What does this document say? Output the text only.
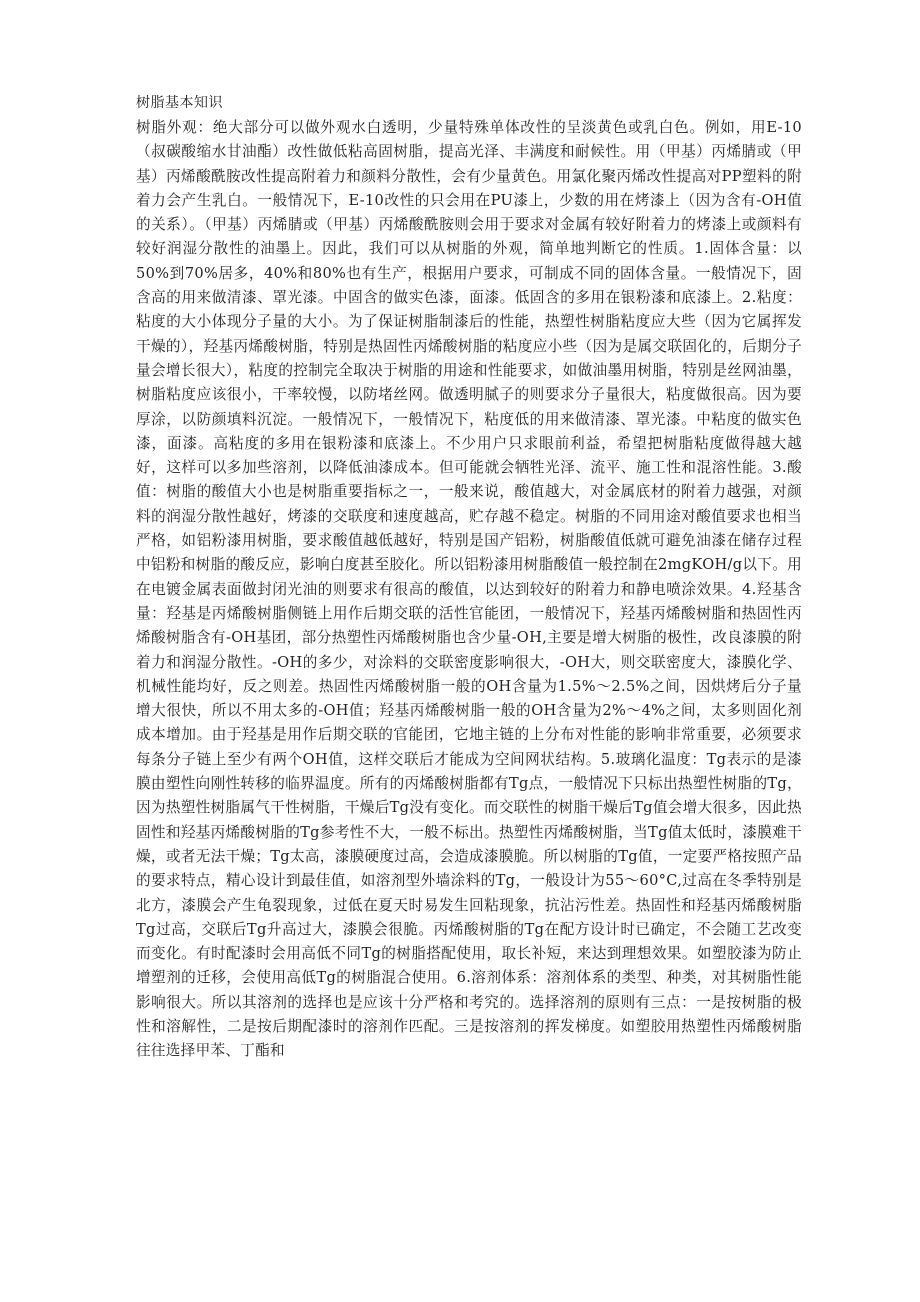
树脂基本知识

树脂外观：绝大部分可以做外观水白透明，少量特殊单体改性的呈淡黄色或乳白色。例如，用E-10（叔碳酸缩水甘油酯）改性做低粘高固树脂，提高光泽、丰满度和耐候性。用（甲基）丙烯腈或（甲基）丙烯酸酰胺改性提高附着力和颜料分散性，会有少量黄色。用氯化聚丙烯改性提高对PP塑料的附着力会产生乳白。一般情况下，E-10改性的只会用在PU漆上，少数的用在烤漆上（因为含有-OH值的关系）。（甲基）丙烯腈或（甲基）丙烯酸酰胺则会用于要求对金属有较好附着力的烤漆上或颜料有较好润湿分散性的油墨上。因此，我们可以从树脂的外观，简单地判断它的性质。1.固体含量：以50%到70%居多，40%和80%也有生产，根据用户要求，可制成不同的固体含量。一般情况下，固含高的用来做清漆、罩光漆。中固含的做实色漆，面漆。低固含的多用在银粉漆和底漆上。2.粘度：粘度的大小体现分子量的大小。为了保证树脂制漆后的性能，热塑性树脂粘度应大些（因为它属挥发干燥的），羟基丙烯酸树脂，特别是热固性丙烯酸树脂的粘度应小些（因为是属交联固化的，后期分子量会增长很大），粘度的控制完全取决于树脂的用途和性能要求，如做油墨用树脂，特别是丝网油墨，树脂粘度应该很小，干率较慢，以防堵丝网。做透明腻子的则要求分子量很大，粘度做很高。因为要厚涂，以防颜填料沉淀。一般情况下，一般情况下，粘度低的用来做清漆、罩光漆。中粘度的做实色漆，面漆。高粘度的多用在银粉漆和底漆上。不少用户只求眼前利益，希望把树脂粘度做得越大越好，这样可以多加些溶剂，以降低油漆成本。但可能就会牺牲光泽、流平、施工性和混溶性能。3.酸值：树脂的酸值大小也是树脂重要指标之一，一般来说，酸值越大，对金属底材的附着力越强，对颜料的润湿分散性越好，烤漆的交联度和速度越高，贮存越不稳定。树脂的不同用途对酸值要求也相当严格，如铝粉漆用树脂，要求酸值越低越好，特别是国产铝粉，树脂酸值低就可避免油漆在储存过程中铝粉和树脂的酸反应，影响白度甚至胶化。所以铝粉漆用树脂酸值一般控制在2mgKOH/g以下。用在电镀金属表面做封闭光油的则要求有很高的酸值，以达到较好的附着力和静电喷涂效果。4.羟基含量：羟基是丙烯酸树脂侧链上用作后期交联的活性官能团，一般情况下，羟基丙烯酸树脂和热固性丙烯酸树脂含有-OH基团，部分热塑性丙烯酸树脂也含少量-OH,主要是增大树脂的极性，改良漆膜的附着力和润湿分散性。-OH的多少，对涂料的交联密度影响很大，-OH大，则交联密度大，漆膜化学、机械性能均好，反之则差。热固性丙烯酸树脂一般的OH含量为1.5%～2.5%之间，因烘烤后分子量增大很快，所以不用太多的-OH值；羟基丙烯酸树脂一般的OH含量为2%～4%之间，太多则固化剂成本增加。由于羟基是用作后期交联的官能团，它地主链的上分布对性能的影响非常重要，必须要求每条分子链上至少有两个OH值，这样交联后才能成为空间网状结构。5.玻璃化温度：Tg表示的是漆膜由塑性向刚性转移的临界温度。所有的丙烯酸树脂都有Tg点，一般情况下只标出热塑性树脂的Tg，因为热塑性树脂属气干性树脂，干燥后Tg没有变化。而交联性的树脂干燥后Tg值会增大很多，因此热固性和羟基丙烯酸树脂的Tg参考性不大，一般不标出。热塑性丙烯酸树脂，当Tg值太低时，漆膜难干燥，或者无法干燥；Tg太高，漆膜硬度过高，会造成漆膜脆。所以树脂的Tg值，一定要严格按照产品的要求特点，精心设计到最佳值，如溶剂型外墙涂料的Tg，一般设计为55～60°C,过高在冬季特别是北方，漆膜会产生龟裂现象，过低在夏天时易发生回粘现象，抗沾污性差。热固性和羟基丙烯酸树脂Tg过高，交联后Tg升高过大，漆膜会很脆。丙烯酸树脂的Tg在配方设计时已确定，不会随工艺改变而变化。有时配漆时会用高低不同Tg的树脂搭配使用，取长补短，来达到理想效果。如塑胶漆为防止增塑剂的迁移，会使用高低Tg的树脂混合使用。6.溶剂体系：溶剂体系的类型、种类，对其树脂性能影响很大。所以其溶剂的选择也是应该十分严格和考究的。选择溶剂的原则有三点：一是按树脂的极性和溶解性，二是按后期配漆时的溶剂作匹配。三是按溶剂的挥发梯度。如塑胶用热塑性丙烯酸树脂往往选择甲苯、丁酯和
